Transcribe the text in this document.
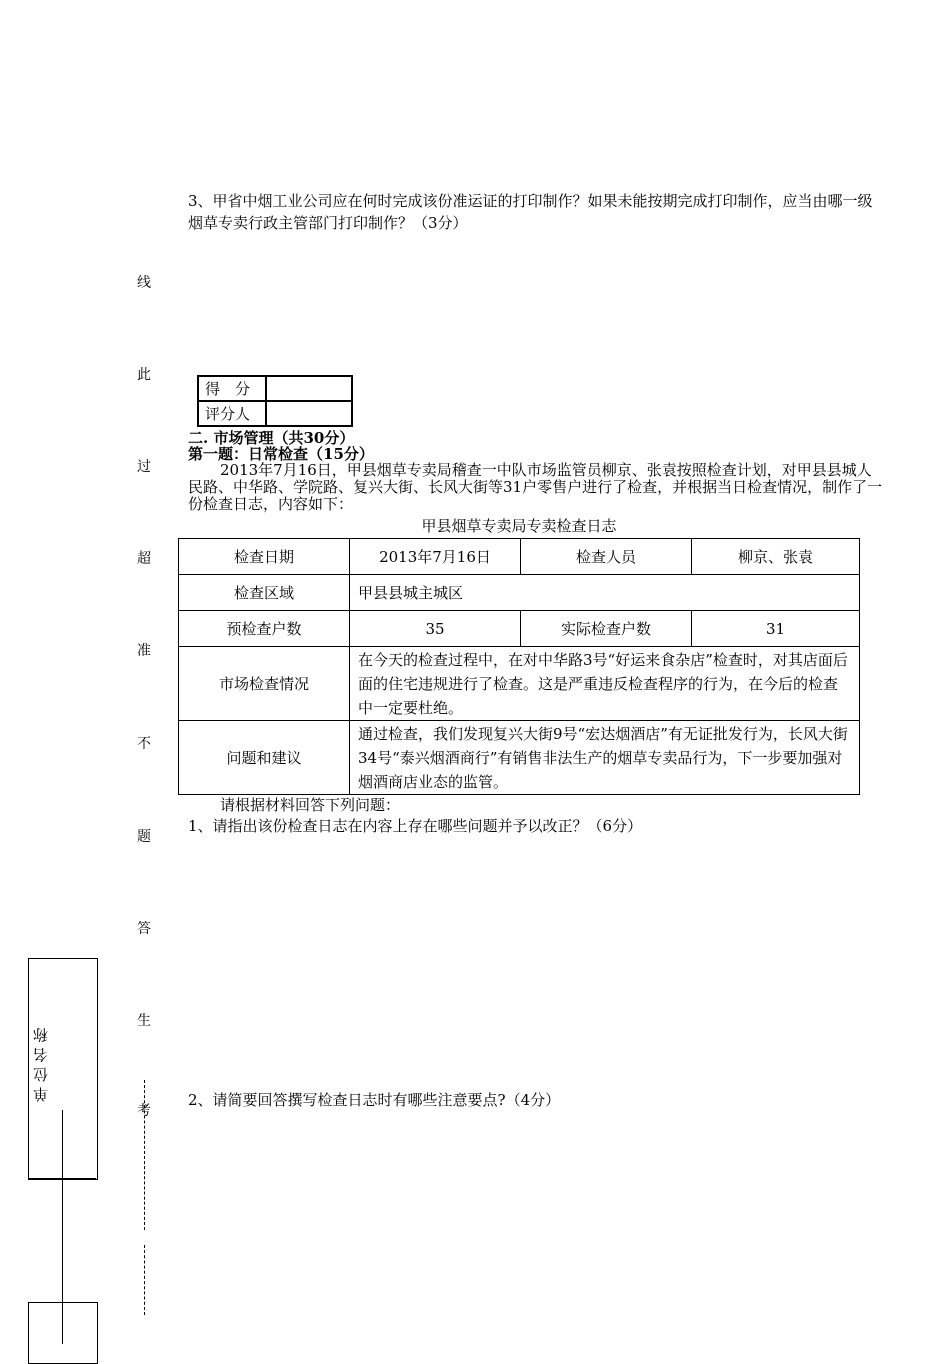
3、甲省中烟工业公司应在何时完成该份准运证的打印制作？如果未能按期完成打印制作，应当由哪一级烟草专卖行政主管部门打印制作？（3分）
线
此
过
超
准
不
题
答
生
考
得　分	
评分人	
二. 市场管理（共30分）
第一题：日常检查（15分）
2013年7月16日，甲县烟草专卖局稽查一中队市场监管员柳京、张袁按照检查计划，对甲县县城人民路、中华路、学院路、复兴大街、长风大街等31户零售户进行了检查，并根据当日检查情况，制作了一份检查日志，内容如下：
甲县烟草专卖局专卖检查日志
检查日期	2013年7月16日	检查人员	柳京、张袁
检查区域	甲县县城主城区		
预检查户数	35	实际检查户数	31
市场检查情况	在今天的检查过程中，在对中华路3号“好运来食杂店”检查时，对其店面后面的住宅违规进行了检查。这是严重违反检查程序的行为，在今后的检查中一定要杜绝。		
问题和建议	通过检查，我们发现复兴大街9号“宏达烟酒店”有无证批发行为，长风大街34号“泰兴烟酒商行”有销售非法生产的烟草专卖品行为，下一步要加强对烟酒商店业态的监管。		
请根据材料回答下列问题：
1、请指出该份检查日志在内容上存在哪些问题并予以改正？（6分）
2、请简要回答撰写检查日志时有哪些注意要点?（4分）
单 位 名 称
